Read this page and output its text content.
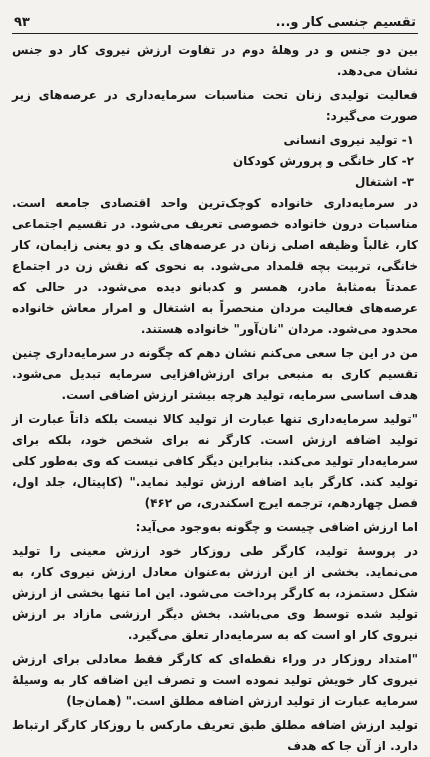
تقسیم جنسی کار و...
۹۳

بین دو جنس و در وهلهٔ دوم در تفاوت ارزش نیروی کار دو جنس نشان می‌دهد.

فعالیت تولیدی زنان تحت مناسبات سرمایه‌داری در عرصه‌های زیر صورت می‌گیرد:

۱- تولید نیروی انسانی

۲- کار خانگی و پرورش کودکان

۳- اشتغال

در سرمایه‌داری خانواده کوچک‌ترین واحد اقتصادی جامعه است. مناسبات درون خانواده خصوصی تعریف می‌شود. در تقسیم اجتماعی کار، غالباً وظیفه اصلی زنان در عرصه‌های یک و دو یعنی زایمان، کار خانگی، تربیت بچه قلمداد می‌شود. به نحوی که نقش زن در اجتماع عمدتاً به‌مثابهٔ مادر، همسر و کدبانو دیده می‌شود. در حالی که عرصه‌های فعالیت مردان منحصراً به اشتغال و امرار معاش خانواده محدود می‌شود. مردان "نان‌آور" خانواده هستند.

من در این جا سعی می‌کنم نشان دهم که چگونه در سرمایه‌داری چنین تقسیم کاری به منبعی برای ارزش‌افزایی سرمایه تبدیل می‌شود. هدف اساسی سرمایه، تولید هرچه بیشتر ارزش اضافی است.

"تولید سرمایه‌داری تنها عبارت از تولید کالا نیست بلکه ذاتاً عبارت از تولید اضافه ارزش است. کارگر نه برای شخص خود، بلکه برای سرمایه‌دار تولید می‌کند. بنابراین دیگر کافی نیست که وی به‌طور کلی تولید کند. کارگر باید اضافه ارزش تولید نماید." (کاپیتال، جلد اول، فصل چهاردهم، ترجمه ایرج اسکندری، ص ۴۶۲)

اما ارزش اضافی چیست و چگونه به‌وجود می‌آید:

در پروسهٔ تولید، کارگر طی روزکار خود ارزش معینی را تولید می‌نماید. بخشی از این ارزش به‌عنوان معادل ارزش نیروی کار، به شکل دستمزد، به کارگر پرداخت می‌شود. این اما تنها بخشی از ارزش تولید شده توسط وی می‌باشد. بخش دیگر ارزشی مازاد بر ارزش نیروی کار او است که به سرمایه‌دار تعلق می‌گیرد.

"امتداد روزکار در وراء نقطه‌ای که کارگر فقط معادلی برای ارزش نیروی کار خویش تولید نموده است و تصرف این اضافه کار به وسیلهٔ سرمایه عبارت از تولید ارزش اضافه مطلق است." (همان‌جا)

تولید ارزش اضافه مطلق طبق تعریف مارکس با روزکار کارگر ارتباط دارد. از آن جا که هدف
